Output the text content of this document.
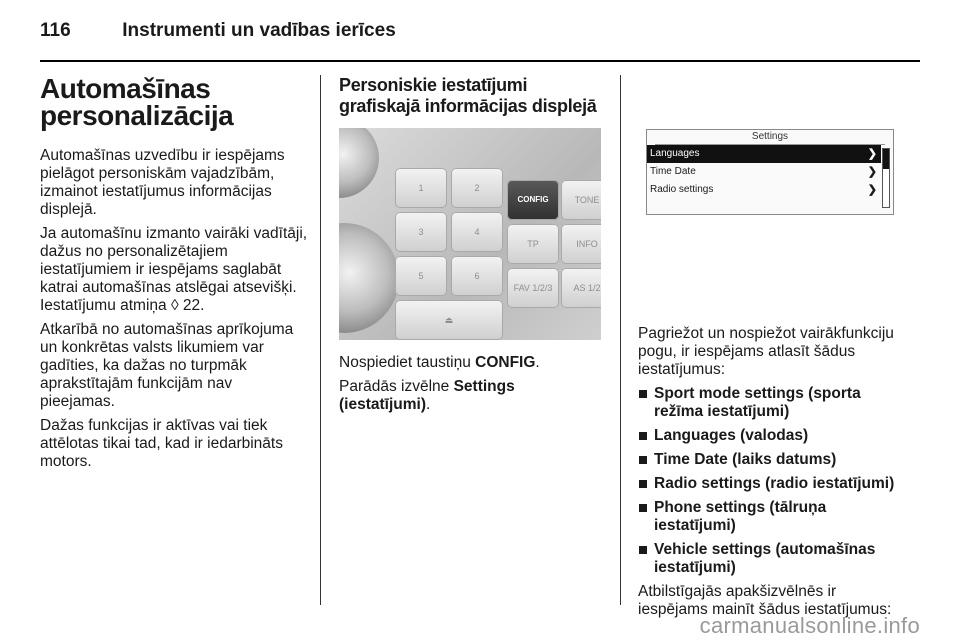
116	Instrumenti un vadības ierīces
Automašīnas personalizācija

Automašīnas uzvedību ir iespējams pielāgot personiskām vajadzībām, izmainot iestatījumus informācijas displejā.

Ja automašīnu izmanto vairāki vadītāji, dažus no personalizētajiem iestatījumiem ir iespējams saglabāt katrai automašīnas atslēgai atsevišķi. Iestatījumu atmiņa ◊ 22.

Atkarībā no automašīnas aprīkojuma un konkrētas valsts likumiem var gadīties, ka dažas no turpmāk aprakstītajām funkcijām nav pieejamas.

Dažas funkcijas ir aktīvas vai tiek attēlotas tikai tad, kad ir iedarbināts motors.

Personiskie iestatījumi grafiskajā informācijas displejā
1	2
CONFIG	TONE
3	4
TP	INFO
5	6
FAV 1/2/3	AS 1/2
⏏

Nospiediet taustiņu CONFIG.

Parādās izvēlne Settings (iestatījumi).

Settings
Languages	❯
Time Date	❯
Radio settings	❯

Pagriežot un nospiežot vairākfunkciju pogu, ir iespējams atlasīt šādus iestatījumus:

Sport mode settings (sporta režīma iestatījumi)
Languages (valodas)
Time Date (laiks datums)
Radio settings (radio iestatījumi)
Phone settings (tālruņa iestatījumi)
Vehicle settings (automašīnas iestatījumi)

Atbilstīgajās apakšizvēlnēs ir iespējams mainīt šādus iestatījumus:

carmanualsonline.info
